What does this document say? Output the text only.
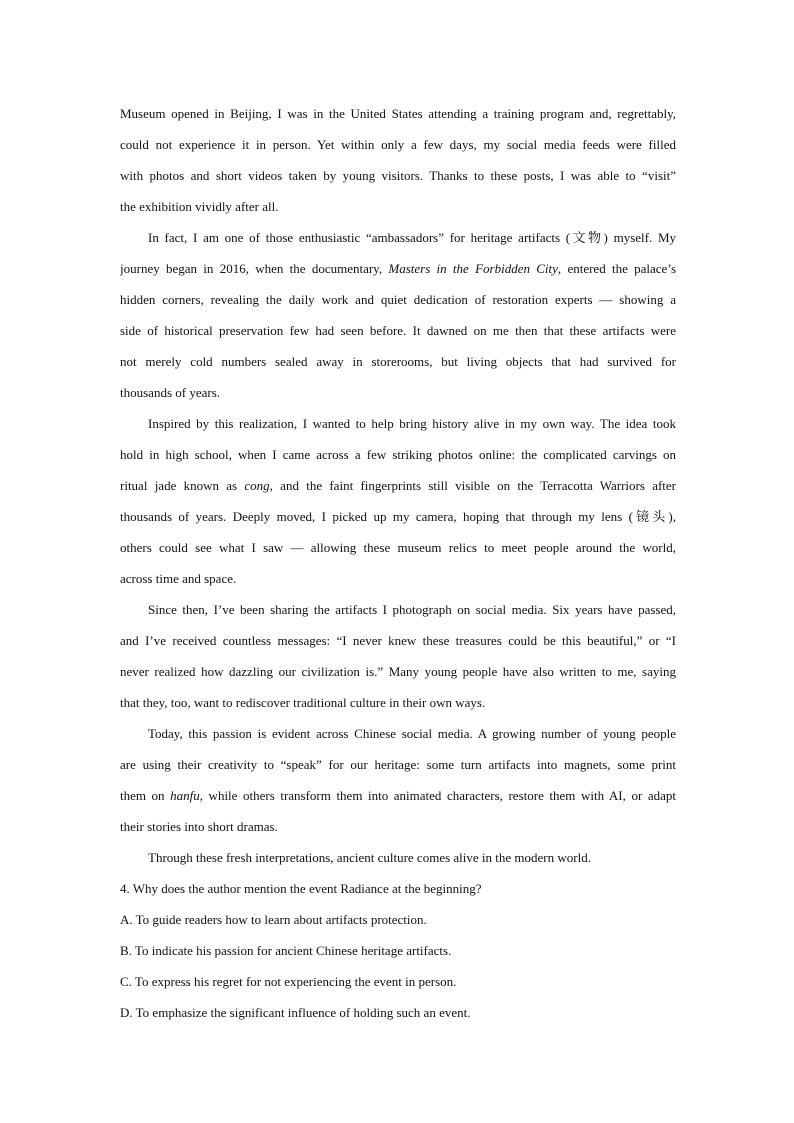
Museum opened in Beijing, I was in the United States attending a training program and, regrettably,
could not experience it in person. Yet within only a few days, my social media feeds were filled
with photos and short videos taken by young visitors. Thanks to these posts, I was able to “visit”
the exhibition vividly after all.
In fact, I am one of those enthusiastic “ambassadors” for heritage artifacts (文物) myself. My
journey began in 2016, when the documentary, Masters in the Forbidden City, entered the palace’s
hidden corners, revealing the daily work and quiet dedication of restoration experts — showing a
side of historical preservation few had seen before. It dawned on me then that these artifacts were
not merely cold numbers sealed away in storerooms, but living objects that had survived for
thousands of years.
Inspired by this realization, I wanted to help bring history alive in my own way. The idea took
hold in high school, when I came across a few striking photos online: the complicated carvings on
ritual jade known as cong, and the faint fingerprints still visible on the Terracotta Warriors after
thousands of years. Deeply moved, I picked up my camera, hoping that through my lens (镜头),
others could see what I saw — allowing these museum relics to meet people around the world,
across time and space.
Since then, I’ve been sharing the artifacts I photograph on social media. Six years have passed,
and I’ve received countless messages: “I never knew these treasures could be this beautiful,” or “I
never realized how dazzling our civilization is.” Many young people have also written to me, saying
that they, too, want to rediscover traditional culture in their own ways.
Today, this passion is evident across Chinese social media. A growing number of young people
are using their creativity to “speak” for our heritage: some turn artifacts into magnets, some print
them on hanfu, while others transform them into animated characters, restore them with AI, or adapt
their stories into short dramas.
Through these fresh interpretations, ancient culture comes alive in the modern world.
4. Why does the author mention the event Radiance at the beginning?
A. To guide readers how to learn about artifacts protection.
B. To indicate his passion for ancient Chinese heritage artifacts.
C. To express his regret for not experiencing the event in person.
D. To emphasize the significant influence of holding such an event.
